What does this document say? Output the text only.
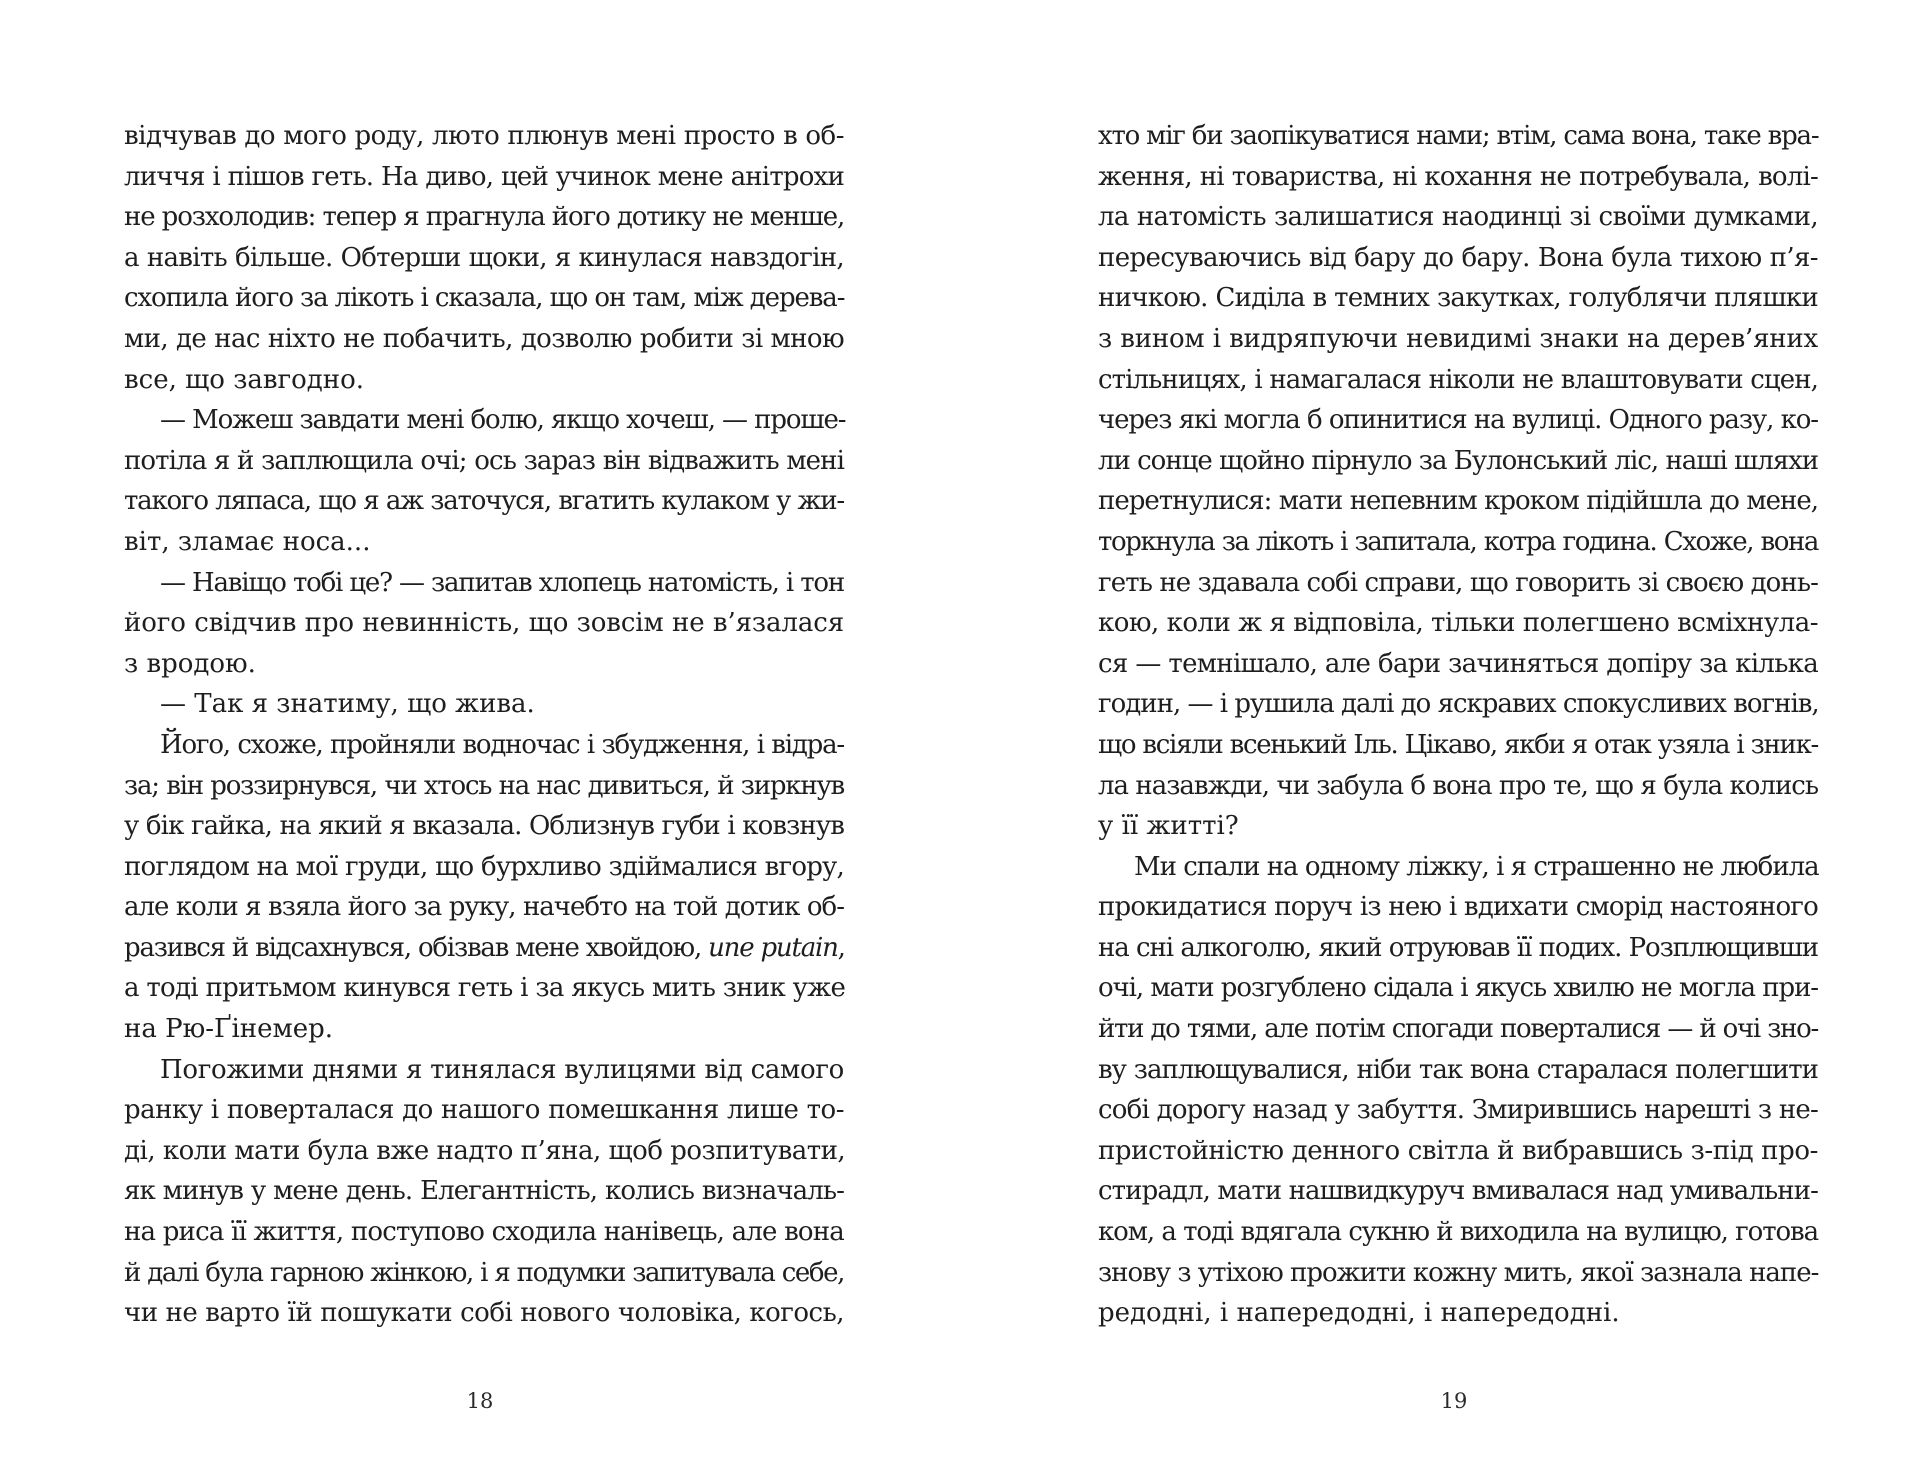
відчував до мого роду, люто плюнув мені просто в об-
личчя і пішов геть. На диво, цей учинок мене анітрохи
не розхолодив: тепер я прагнула його дотику не менше,
а навіть більше. Обтерши щоки, я кинулася навздогін,
схопила його за лікоть і сказала, що он там, між дерева-
ми, де нас ніхто не побачить, дозволю робити зі мною
все, що завгодно.
— Можеш завдати мені болю, якщо хочеш, — проше-
потіла я й заплющила очі; ось зараз він відважить мені
такого ляпаса, що я аж заточуся, вгатить кулаком у жи-
віт, зламає носа...
— Навіщо тобі це? — запитав хлопець натомість, і тон
його свідчив про невинність, що зовсім не в’язалася
з вродою.
— Так я знатиму, що жива.
Його, схоже, пройняли водночас і збудження, і відра-
за; він роззирнувся, чи хтось на нас дивиться, й зиркнув
у бік гайка, на який я вказала. Облизнув губи і ковзнув
поглядом на мої груди, що бурхливо здіймалися вгору,
але коли я взяла його за руку, начебто на той дотик об-
разився й відсахнувся, обізвав мене хвойдою, une putain,
а тоді притьмом кинувся геть і за якусь мить зник уже
на Рю-Ґінемер.
Погожими днями я тинялася вулицями від самого
ранку і поверталася до нашого помешкання лише то-
ді, коли мати була вже надто п’яна, щоб розпитувати,
як минув у мене день. Елегантність, колись визначаль-
на риса її життя, поступово сходила нанівець, але вона
й далі була гарною жінкою, і я подумки запитувала себе,
чи не варто їй пошукати собі нового чоловіка, когось,
хто міг би заопікуватися нами; втім, сама вона, таке вра-
ження, ні товариства, ні кохання не потребувала, волі-
ла натомість залишатися наодинці зі своїми думками,
пересуваючись від бару до бару. Вона була тихою п’я-
ничкою. Сиділа в темних закутках, голублячи пляшки
з вином і видряпуючи невидимі знаки на дерев’яних
стільницях, і намагалася ніколи не влаштовувати сцен,
через які могла б опинитися на вулиці. Одного разу, ко-
ли сонце щойно пірнуло за Булонський ліс, наші шляхи
перетнулися: мати непевним кроком підійшла до мене,
торкнула за лікоть і запитала, котра година. Схоже, вона
геть не здавала собі справи, що говорить зі своєю донь-
кою, коли ж я відповіла, тільки полегшено всміхнула-
ся — темнішало, але бари зачиняться допіру за кілька
годин, — і рушила далі до яскравих спокусливих вогнів,
що всіяли всенький Іль. Цікаво, якби я отак узяла і зник-
ла назавжди, чи забула б вона про те, що я була колись
у її житті?
Ми спали на одному ліжку, і я страшенно не любила
прокидатися поруч із нею і вдихати сморід настояного
на сні алкоголю, який отруював її подих. Розплющивши
очі, мати розгублено сідала і якусь хвилю не могла при-
йти до тями, але потім спогади поверталися — й очі зно-
ву заплющувалися, ніби так вона старалася полегшити
собі дорогу назад у забуття. Змирившись нарешті з не-
пристойністю денного світла й вибравшись з-під про-
стирадл, мати нашвидкуруч вмивалася над умивальни-
ком, а тоді вдягала сукню й виходила на вулицю, готова
знову з утіхою прожити кожну мить, якої зазнала напе-
редодні, і напередодні, і напередодні.
18	19
